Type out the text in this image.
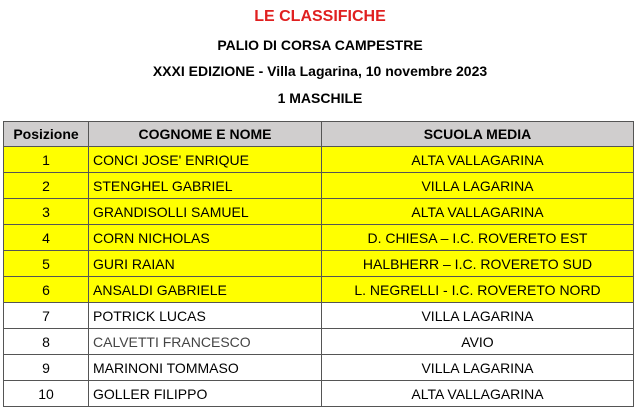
LE CLASSIFICHE
PALIO DI CORSA CAMPESTRE
XXXI EDIZIONE - Villa Lagarina, 10 novembre 2023
1 MASCHILE
Posizione	COGNOME E NOME	SCUOLA MEDIA
1	CONCI JOSE' ENRIQUE	ALTA VALLAGARINA
2	STENGHEL GABRIEL	VILLA LAGARINA
3	GRANDISOLLI SAMUEL	ALTA VALLAGARINA
4	CORN NICHOLAS	D. CHIESA – I.C. ROVERETO EST
5	GURI RAIAN	HALBHERR – I.C. ROVERETO SUD
6	ANSALDI GABRIELE	L. NEGRELLI - I.C. ROVERETO NORD
7	POTRICK LUCAS	VILLA LAGARINA
8	CALVETTI FRANCESCO	AVIO
9	MARINONI TOMMASO	VILLA LAGARINA
10	GOLLER FILIPPO	ALTA VALLAGARINA
